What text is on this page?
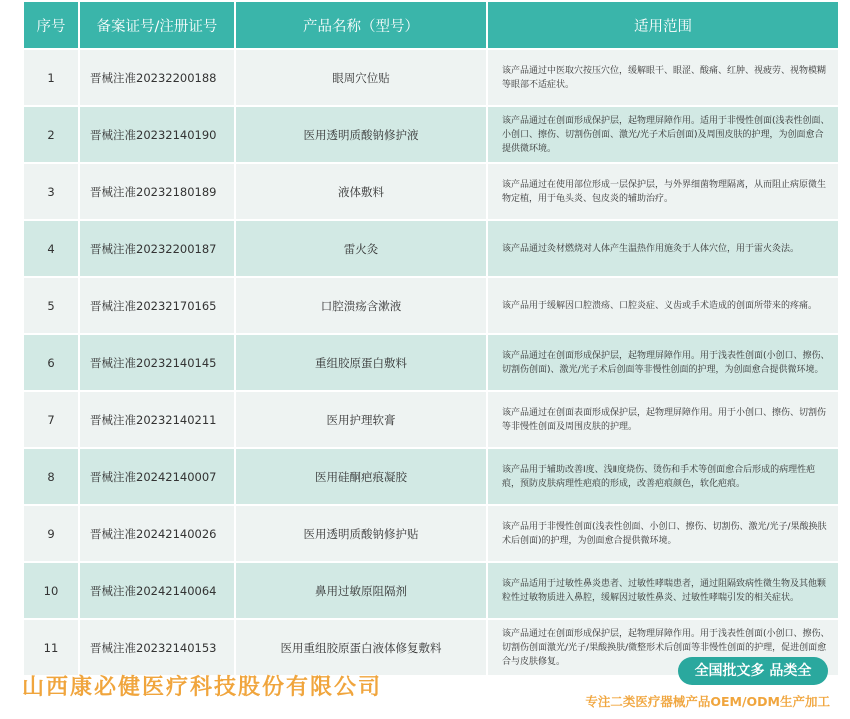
序号	备案证号/注册证号	产品名称（型号）	适用范围
1	晋械注准20232200188	眼周穴位贴	该产品通过中医取穴按压穴位，缓解眼干、眼涩、酸痛、红肿、视疲劳、视物模糊等眼部不适症状。
2	晋械注准20232140190	医用透明质酸钠修护液	该产品通过在创面形成保护层，起物理屏障作用。适用于非慢性创面(浅表性创面、小创口、擦伤、切割伤创面、激光/光子术后创面)及周围皮肤的护理，为创面愈合提供微环境。
3	晋械注准20232180189	液体敷料	该产品通过在使用部位形成一层保护层，与外界细菌物理隔离，从而阻止病原微生物定植，用于龟头炎、包皮炎的辅助治疗。
4	晋械注准20232200187	雷火灸	该产品通过灸材燃烧对人体产生温热作用施灸于人体穴位，用于雷火灸法。
5	晋械注准20232170165	口腔溃疡含漱液	该产品用于缓解因口腔溃疡、口腔炎症、义齿或手术造成的创面所带来的疼痛。
6	晋械注准20232140145	重组胶原蛋白敷料	该产品通过在创面形成保护层，起物理屏障作用。用于浅表性创面(小创口、擦伤、切割伤创面)、激光/光子术后创面等非慢性创面的护理，为创面愈合提供微环境。
7	晋械注准20232140211	医用护理软膏	该产品通过在创面表面形成保护层，起物理屏障作用。用于小创口、擦伤、切割伤等非慢性创面及周围皮肤的护理。
8	晋械注准20242140007	医用硅酮疤痕凝胶	该产品用于辅助改善Ⅰ度、浅Ⅱ度烧伤、烫伤和手术等创面愈合后形成的病理性疤痕，预防皮肤病理性疤痕的形成，改善疤痕颜色，软化疤痕。
9	晋械注准20242140026	医用透明质酸钠修护贴	该产品用于非慢性创面(浅表性创面、小创口、擦伤、切割伤、激光/光子/果酸换肤术后创面)的护理，为创面愈合提供微环境。
10	晋械注准20242140064	鼻用过敏原阻隔剂	该产品适用于过敏性鼻炎患者、过敏性哮喘患者，通过阻隔致病性微生物及其他颗粒性过敏物质进入鼻腔，缓解因过敏性鼻炎、过敏性哮喘引发的相关症状。
11	晋械注准20232140153	医用重组胶原蛋白液体修复敷料	该产品通过在创面形成保护层，起物理屏障作用。用于浅表性创面(小创口、擦伤、切割伤创面激光/光子/果酸换肤/微整形术后创面等非慢性创面的护理，促进创面愈合与皮肤修复。
山西康必健医疗科技股份有限公司
全国批文多 品类全
专注二类医疗器械产品OEM/ODM生产加工
